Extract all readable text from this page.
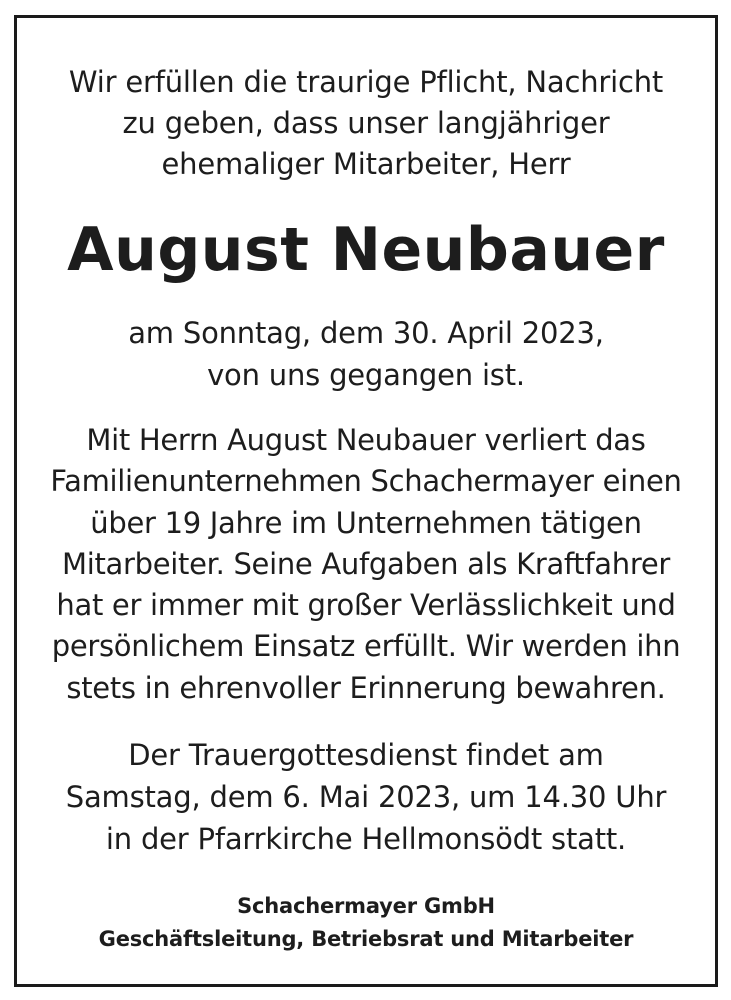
Wir erfüllen die traurige Pflicht, Nachricht
zu geben, dass unser langjähriger
ehemaliger Mitarbeiter, Herr
August Neubauer
am Sonntag, dem 30. April 2023,
von uns gegangen ist.
Mit Herrn August Neubauer verliert das
Familienunternehmen Schachermayer einen
über 19 Jahre im Unternehmen tätigen
Mitarbeiter. Seine Aufgaben als Kraftfahrer
hat er immer mit großer Verlässlichkeit und
persönlichem Einsatz erfüllt. Wir werden ihn
stets in ehrenvoller Erinnerung bewahren.
Der Trauergottesdienst findet am
Samstag, dem 6. Mai 2023, um 14.30 Uhr
in der Pfarrkirche Hellmonsödt statt.
Schachermayer GmbH
Geschäftsleitung, Betriebsrat und Mitarbeiter
